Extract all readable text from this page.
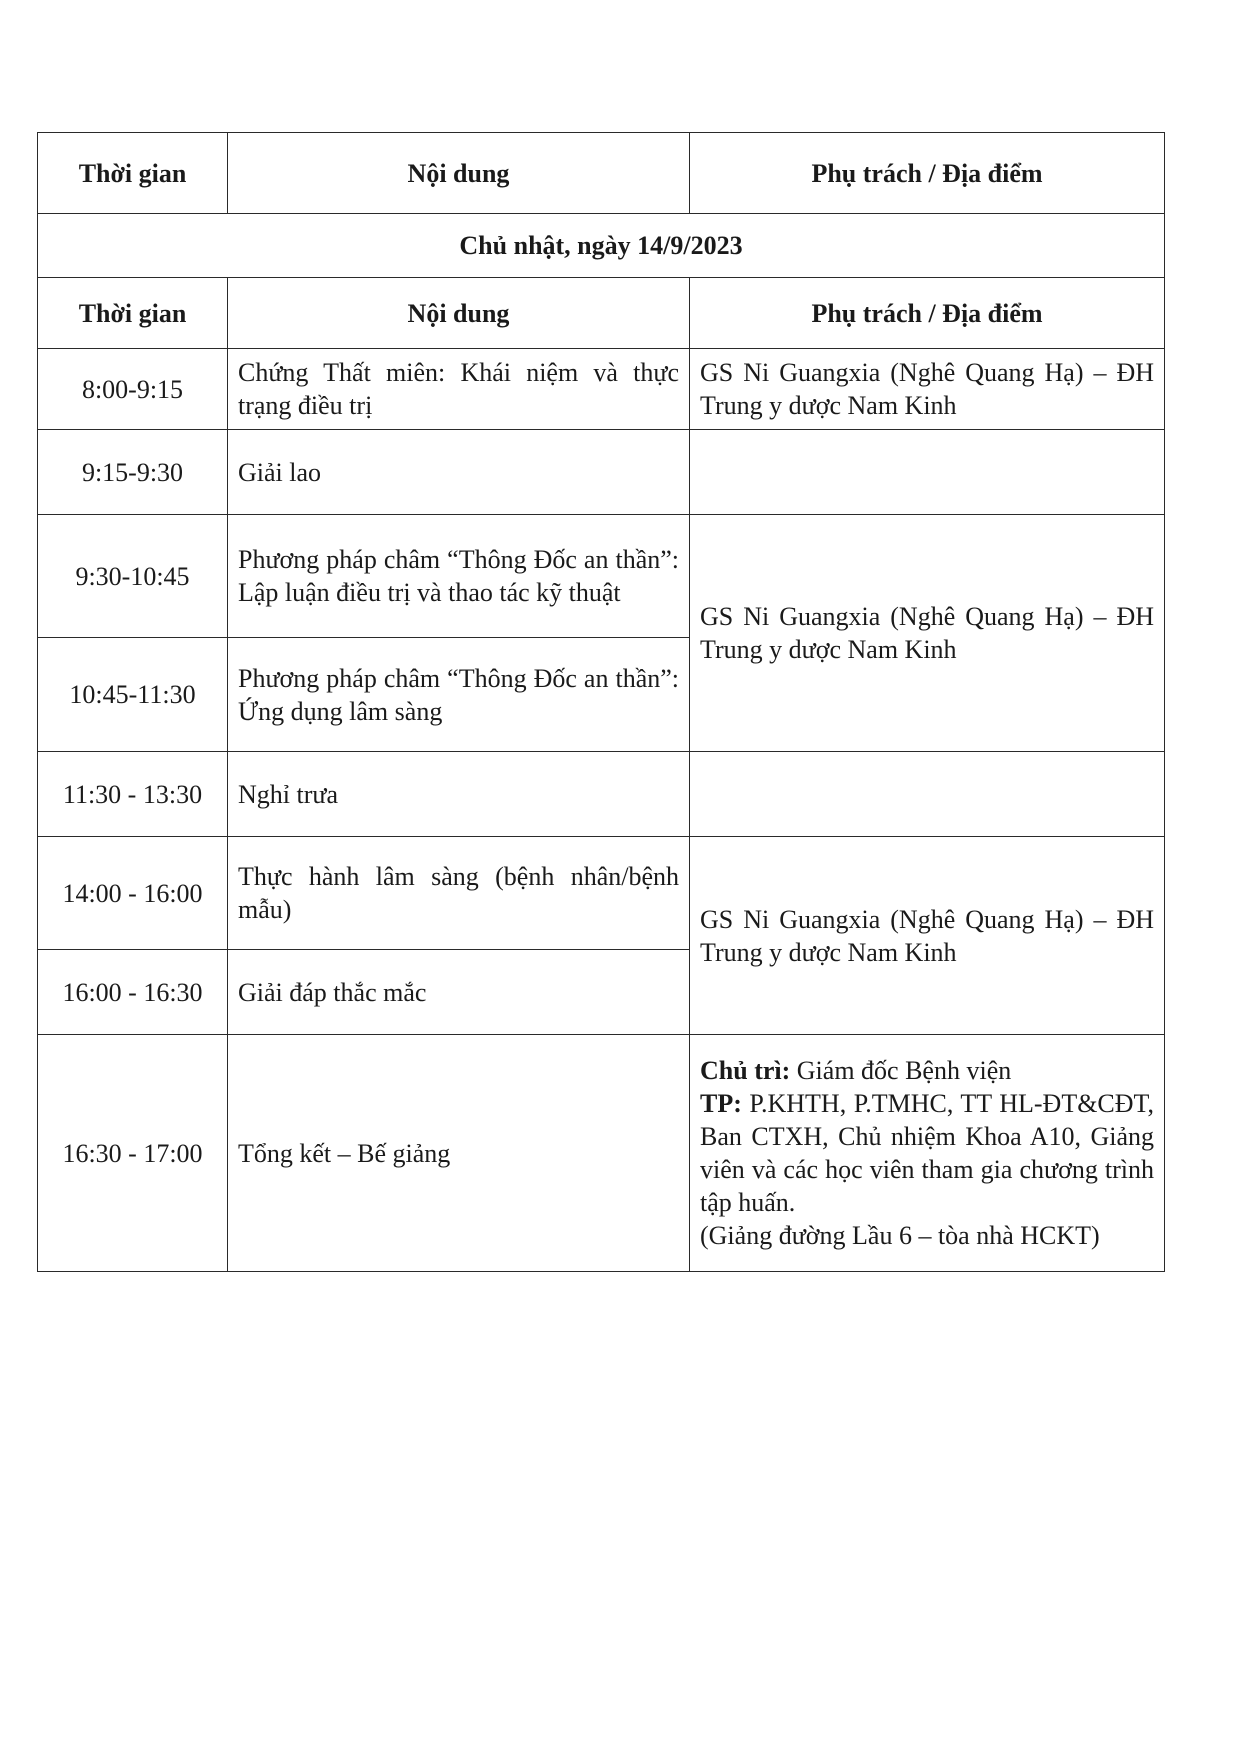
Thời gian	Nội dung	Phụ trách / Địa điểm
Chủ nhật, ngày 14/9/2023		
Thời gian	Nội dung	Phụ trách / Địa điểm
8:00-9:15	Chứng Thất miên: Khái niệm và thực trạng điều trị	GS Ni Guangxia (Nghê Quang Hạ) – ĐH Trung y dược Nam Kinh
9:15-9:30	Giải lao	
9:30-10:45	Phương pháp châm “Thông Đốc an thần”: Lập luận điều trị và thao tác kỹ thuật	GS Ni Guangxia (Nghê Quang Hạ) – ĐH Trung y dược Nam Kinh
10:45-11:30	Phương pháp châm “Thông Đốc an thần”: Ứng dụng lâm sàng	
11:30 - 13:30	Nghỉ trưa	
14:00 - 16:00	Thực hành lâm sàng (bệnh nhân/bệnh mẫu)	GS Ni Guangxia (Nghê Quang Hạ) – ĐH Trung y dược Nam Kinh
16:00 - 16:30	Giải đáp thắc mắc	
16:30 - 17:00	Tổng kết – Bế giảng	Chủ trì: Giám đốc Bệnh viện
TP: P.KHTH, P.TMHC, TT HL-ĐT&CĐT, Ban CTXH, Chủ nhiệm Khoa A10, Giảng viên và các học viên tham gia chương trình tập huấn.
(Giảng đường Lầu 6 – tòa nhà HCKT)
